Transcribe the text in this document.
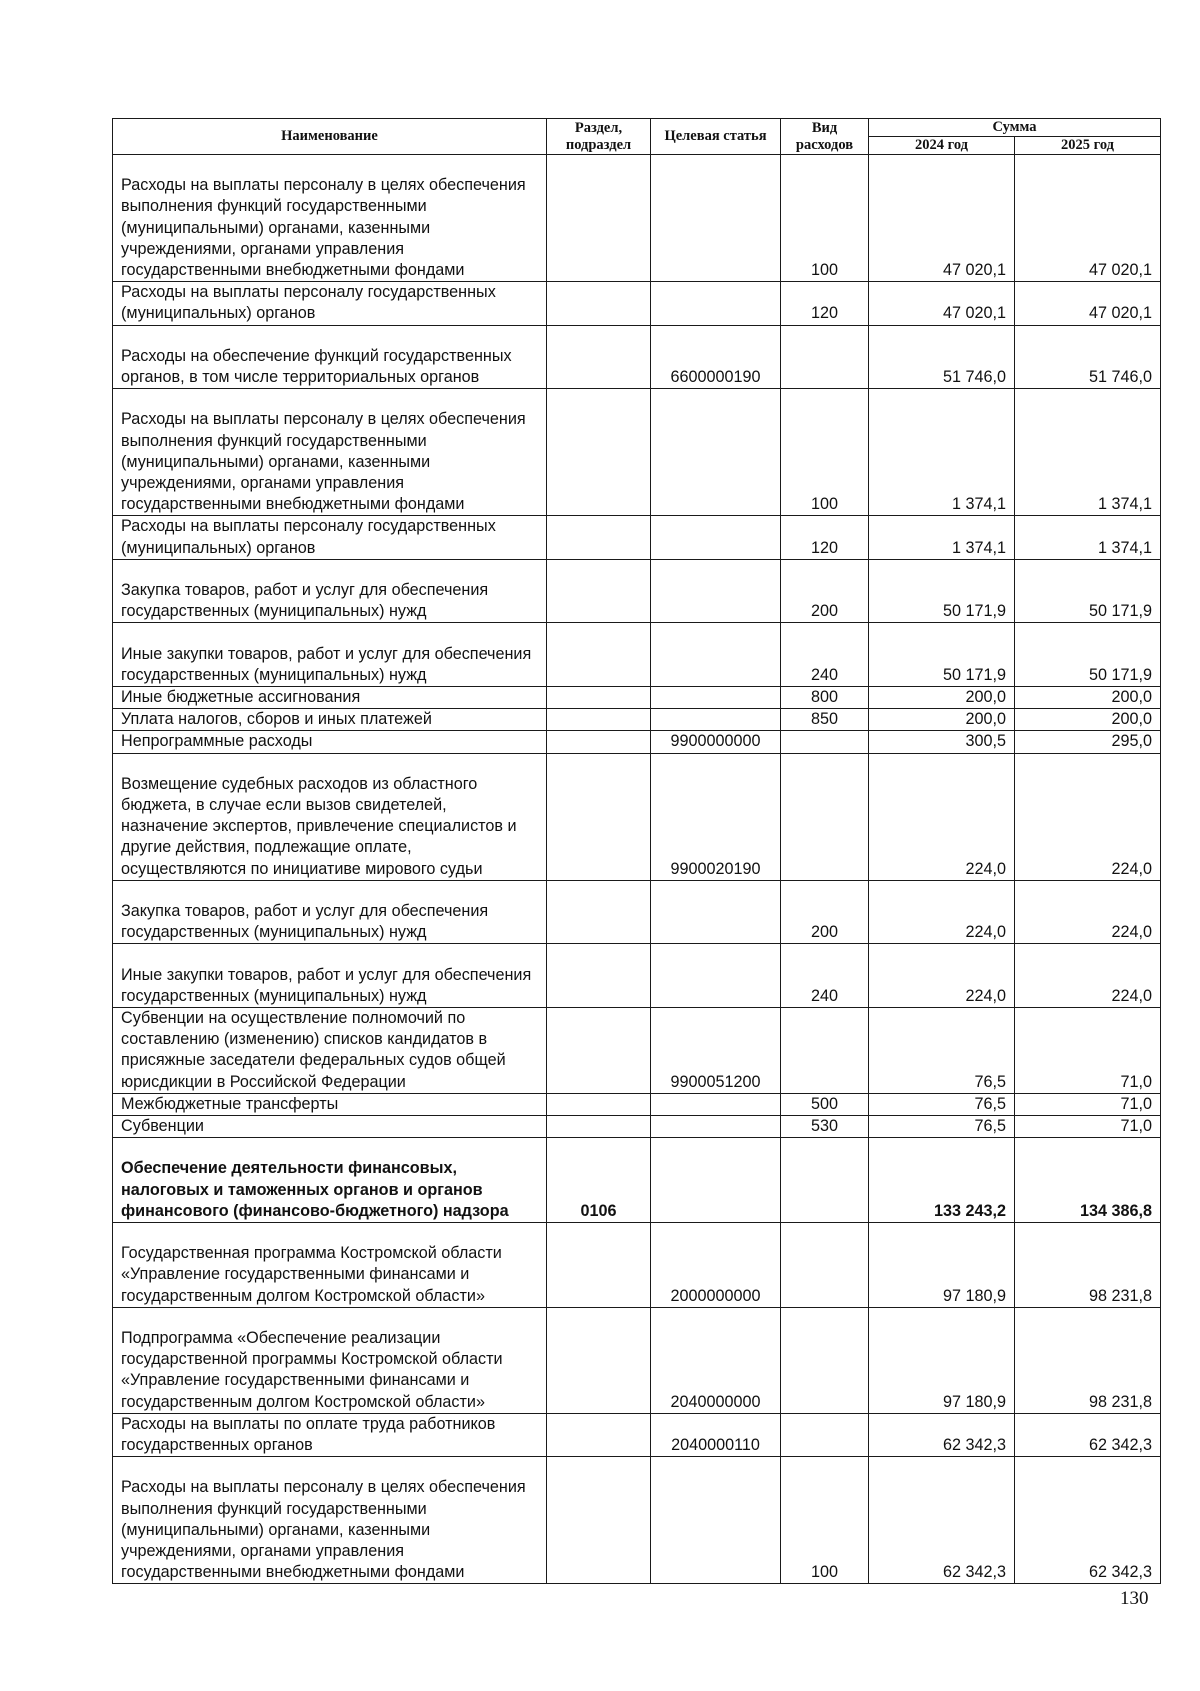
Наименование	Раздел, подраздел	Целевая статья	Вид расходов	Сумма	
				2024 год	2025 год
Расходы на выплаты персоналу в целях обеспечения выполнения функций государственными (муниципальными) органами, казенными учреждениями, органами управления государственными внебюджетными фондами			100	47 020,1	47 020,1
Расходы на выплаты персоналу государственных (муниципальных) органов			120	47 020,1	47 020,1
Расходы на обеспечение функций государственных органов, в том числе территориальных органов		6600000190		51 746,0	51 746,0
Расходы на выплаты персоналу в целях обеспечения выполнения функций государственными (муниципальными) органами, казенными учреждениями, органами управления государственными внебюджетными фондами			100	1 374,1	1 374,1
Расходы на выплаты персоналу государственных (муниципальных) органов			120	1 374,1	1 374,1
Закупка товаров, работ и услуг для обеспечения государственных (муниципальных) нужд			200	50 171,9	50 171,9
Иные закупки товаров, работ и услуг для обеспечения государственных (муниципальных) нужд			240	50 171,9	50 171,9
Иные бюджетные ассигнования			800	200,0	200,0
Уплата налогов, сборов и иных платежей			850	200,0	200,0
Непрограммные расходы		9900000000		300,5	295,0
Возмещение судебных расходов из областного бюджета, в случае если вызов свидетелей, назначение экспертов, привлечение специалистов и другие действия, подлежащие оплате, осуществляются по инициативе мирового судьи		9900020190		224,0	224,0
Закупка товаров, работ и услуг для обеспечения государственных (муниципальных) нужд			200	224,0	224,0
Иные закупки товаров, работ и услуг для обеспечения государственных (муниципальных) нужд			240	224,0	224,0
Субвенции на осуществление полномочий по составлению (изменению) списков кандидатов в присяжные заседатели федеральных судов общей юрисдикции в Российской Федерации		9900051200		76,5	71,0
Межбюджетные трансферты			500	76,5	71,0
Субвенции			530	76,5	71,0
Обеспечение деятельности финансовых, налоговых и таможенных органов и органов финансового (финансово-бюджетного) надзора	0106			133 243,2	134 386,8
Государственная программа Костромской области «Управление государственными финансами и государственным долгом Костромской области»		2000000000		97 180,9	98 231,8
Подпрограмма «Обеспечение реализации государственной программы Костромской области «Управление государственными финансами и государственным долгом Костромской области»		2040000000		97 180,9	98 231,8
Расходы на выплаты по оплате труда работников государственных органов		2040000110		62 342,3	62 342,3
Расходы на выплаты персоналу в целях обеспечения выполнения функций государственными (муниципальными) органами, казенными учреждениями, органами управления государственными внебюджетными фондами			100	62 342,3	62 342,3
130
